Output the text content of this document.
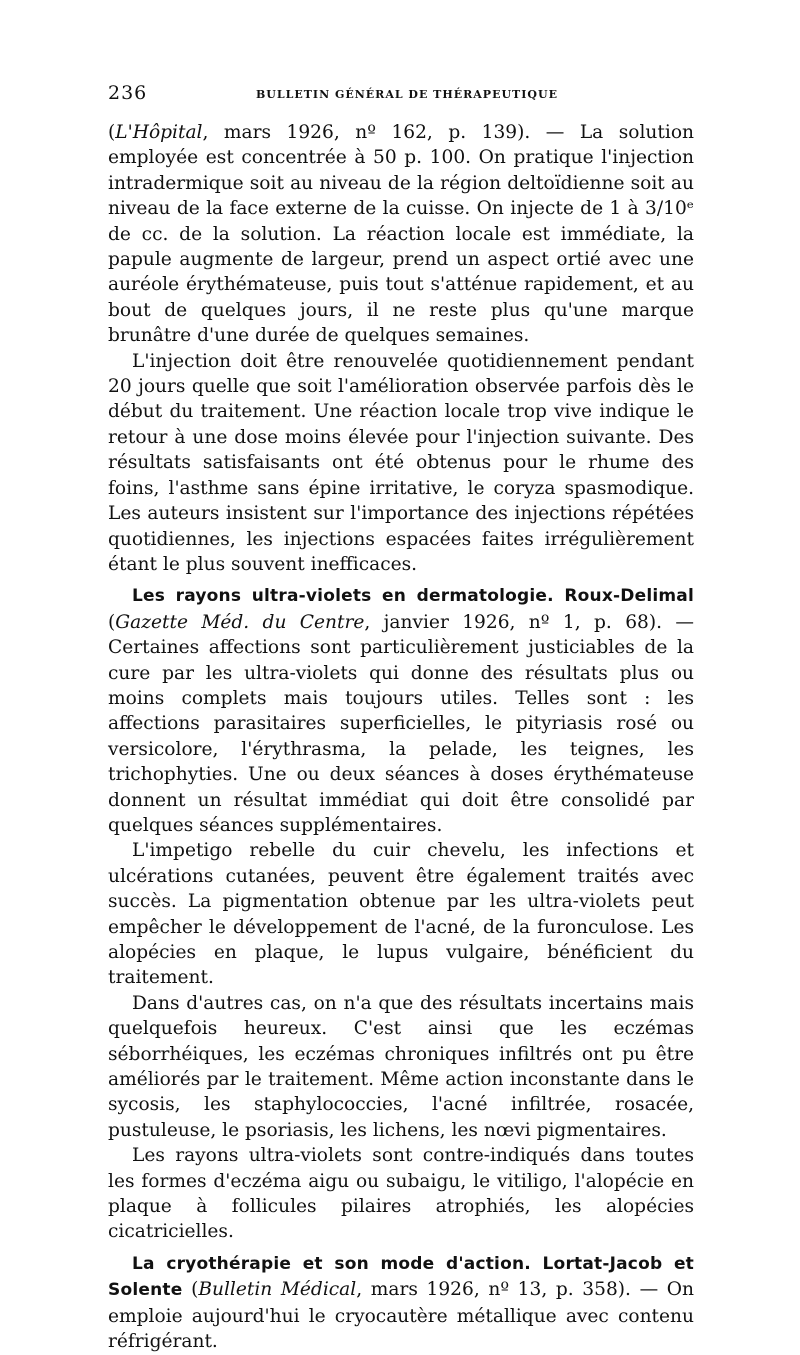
236	BULLETIN GÉNÉRAL DE THÉRAPEUTIQUE

(L'Hôpital, mars 1926, nº 162, p. 139). — La solution employée est concentrée à 50 p. 100. On pratique l'injection intradermique soit au niveau de la région deltoïdienne soit au niveau de la face externe de la cuisse. On injecte de 1 à 3/10ᵉ de cc. de la solution. La réaction locale est immédiate, la papule augmente de largeur, prend un aspect ortié avec une auréole érythémateuse, puis tout s'atténue rapidement, et au bout de quelques jours, il ne reste plus qu'une marque brunâtre d'une durée de quelques semaines.

L'injection doit être renouvelée quotidiennement pendant 20 jours quelle que soit l'amélioration observée parfois dès le début du traitement. Une réaction locale trop vive indique le retour à une dose moins élevée pour l'injection suivante. Des résultats satisfaisants ont été obtenus pour le rhume des foins, l'asthme sans épine irritative, le coryza spasmodique. Les auteurs insistent sur l'importance des injections répétées quotidiennes, les injections espacées faites irrégulièrement étant le plus souvent inefficaces.

Les rayons ultra-violets en dermatologie. Roux-Delimal (Gazette Méd. du Centre, janvier 1926, nº 1, p. 68). — Certaines affections sont particulièrement justiciables de la cure par les ultra-violets qui donne des résultats plus ou moins complets mais toujours utiles. Telles sont : les affections parasitaires superficielles, le pityriasis rosé ou versicolore, l'érythrasma, la pelade, les teignes, les trichophyties. Une ou deux séances à doses érythémateuse donnent un résultat immédiat qui doit être consolidé par quelques séances supplémentaires.

L'impetigo rebelle du cuir chevelu, les infections et ulcérations cutanées, peuvent être également traités avec succès. La pigmentation obtenue par les ultra-violets peut empêcher le développement de l'acné, de la furonculose. Les alopécies en plaque, le lupus vulgaire, bénéficient du traitement.

Dans d'autres cas, on n'a que des résultats incertains mais quelquefois heureux. C'est ainsi que les eczémas séborrhéiques, les eczémas chroniques infiltrés ont pu être améliorés par le traitement. Même action inconstante dans le sycosis, les staphylococcies, l'acné infiltrée, rosacée, pustuleuse, le psoriasis, les lichens, les nœvi pigmentaires.

Les rayons ultra-violets sont contre-indiqués dans toutes les formes d'eczéma aigu ou subaigu, le vitiligo, l'alopécie en plaque à follicules pilaires atrophiés, les alopécies cicatricielles.

La cryothérapie et son mode d'action. Lortat-Jacob et Solente (Bulletin Médical, mars 1926, nº 13, p. 358). — On emploie aujourd'hui le cryocautère métallique avec contenu réfrigérant.
